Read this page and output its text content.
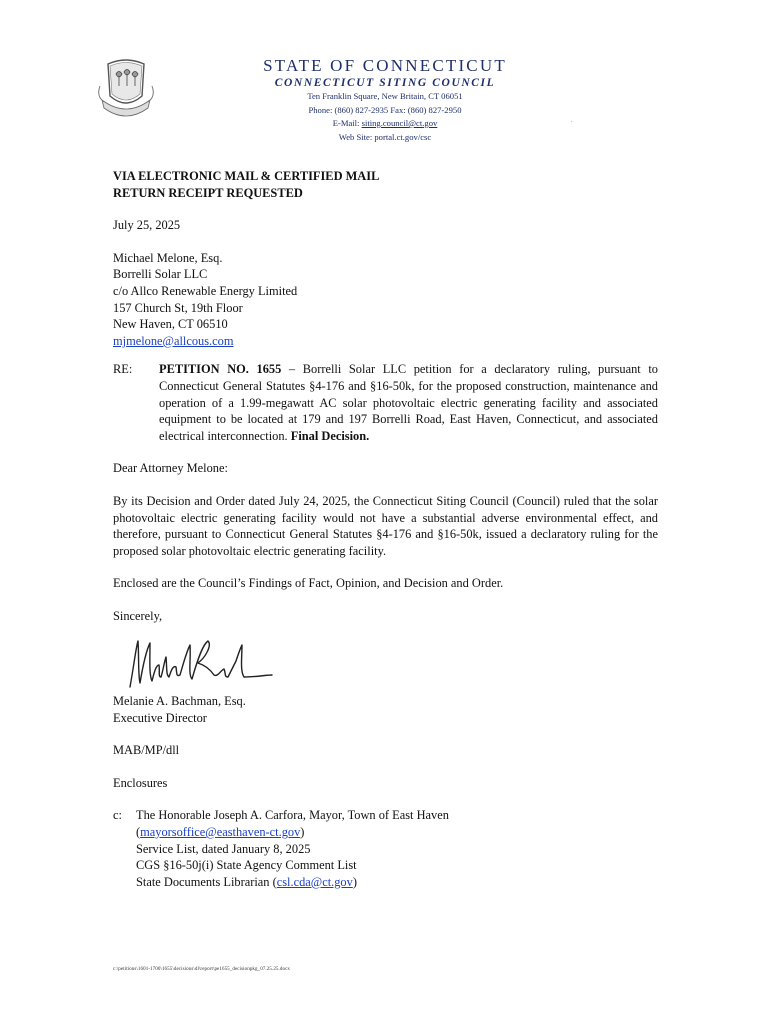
STATE OF CONNECTICUT
CONNECTICUT SITING COUNCIL
Ten Franklin Square, New Britain, CT 06051
Phone: (860) 827-2935 Fax: (860) 827-2950
E-Mail: siting.council@ct.gov
Web Site: portal.ct.gov/csc
.

VIA ELECTRONIC MAIL & CERTIFIED MAIL

RETURN RECEIPT REQUESTED

July 25, 2025

Michael Melone, Esq.

Borrelli Solar LLC

c/o Allco Renewable Energy Limited

157 Church St, 19th Floor

New Haven, CT 06510

mjmelone@allcous.com

RE:	PETITION NO. 1655 – Borrelli Solar LLC petition for a declaratory ruling, pursuant to Connecticut General Statutes §4-176 and §16-50k, for the proposed construction, maintenance and operation of a 1.99-megawatt AC solar photovoltaic electric generating facility and associated equipment to be located at 179 and 197 Borrelli Road, East Haven, Connecticut, and associated electrical interconnection. Final Decision.

Dear Attorney Melone:

By its Decision and Order dated July 24, 2025, the Connecticut Siting Council (Council) ruled that the solar photovoltaic electric generating facility would not have a substantial adverse environmental effect, and therefore, pursuant to Connecticut General Statutes §4-176 and §16-50k, issued a declaratory ruling for the proposed solar photovoltaic electric generating facility.

Enclosed are the Council’s Findings of Fact, Opinion, and Decision and Order.

Sincerely,

Melanie A. Bachman, Esq.

Executive Director

MAB/MP/dll

Enclosures

c:	The Honorable Joseph A. Carfora, Mayor, Town of East Haven

(mayorsoffice@easthaven-ct.gov)

Service List, dated January 8, 2025

CGS §16-50j(i) State Agency Comment List

State Documents Librarian (csl.cda@ct.gov)

c:\petitions\1601-1700\1655\decisions\dl\report\pe1655_decisionpkg_07.25.25.docx
